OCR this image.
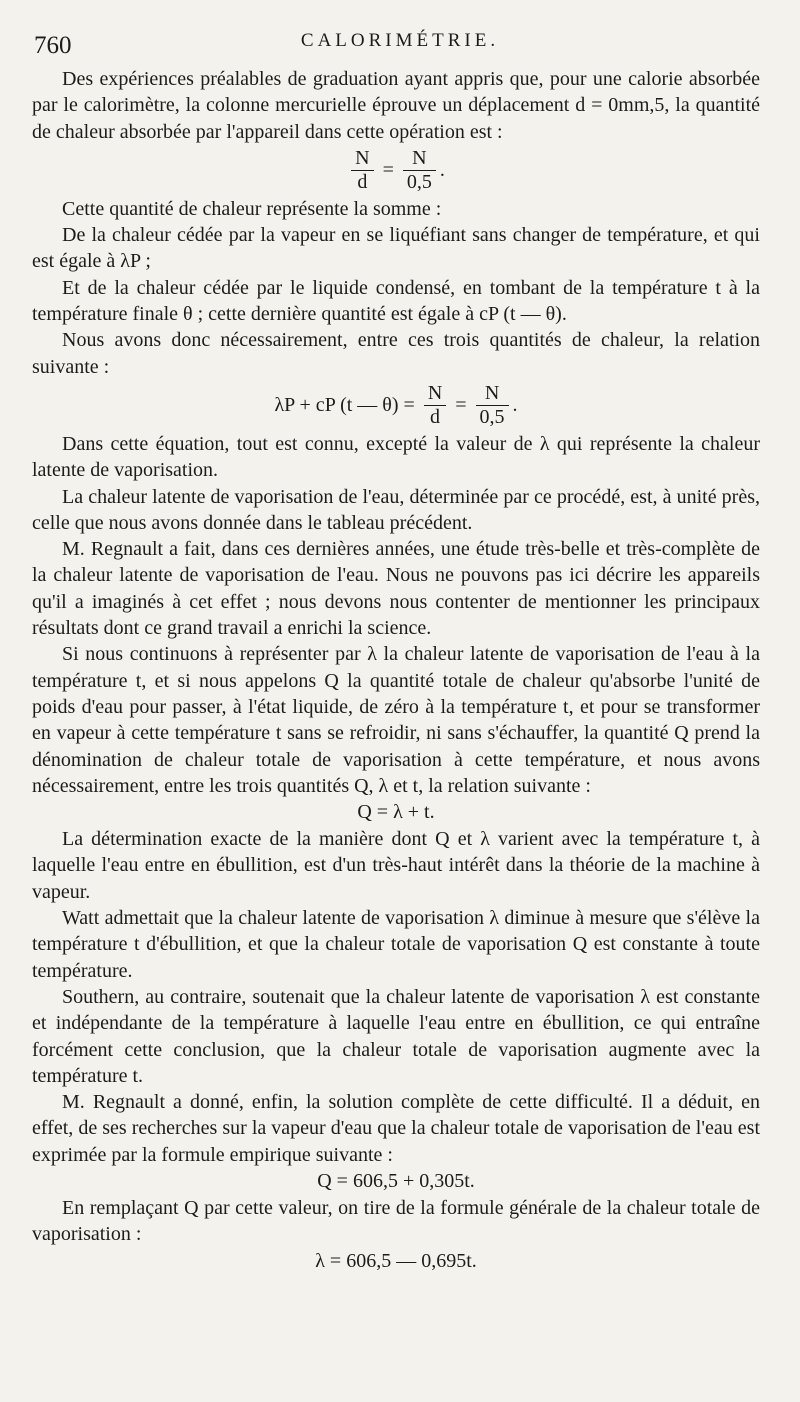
760	CALORIMÉTRIE.

Des expériences préalables de graduation ayant appris que, pour une calorie absorbée par le calorimètre, la colonne mercurielle éprouve un déplacement d = 0mm,5, la quantité de chaleur absorbée par l'appareil dans cette opération est :

$\frac{N}{d} = \frac{N}{0,5}$ .

Cette quantité de chaleur représente la somme :

De la chaleur cédée par la vapeur en se liquéfiant sans changer de température, et qui est égale à λP ;

Et de la chaleur cédée par le liquide condensé, en tombant de la température t à la température finale θ ; cette dernière quantité est égale à cP (t — θ).

Nous avons donc nécessairement, entre ces trois quantités de chaleur, la relation suivante :

λP + cP (t — $\theta) = \frac{N}{d} = \frac{N}{0,5}$ .

Dans cette équation, tout est connu, excepté la valeur de λ qui représente la chaleur latente de vaporisation.

La chaleur latente de vaporisation de l'eau, déterminée par ce procédé, est, à unité près, celle que nous avons donnée dans le tableau précédent.

M. Regnault a fait, dans ces dernières années, une étude très-belle et très-complète de la chaleur latente de vaporisation de l'eau. Nous ne pouvons pas ici décrire les appareils qu'il a imaginés à cet effet ; nous devons nous contenter de mentionner les principaux résultats dont ce grand travail a enrichi la science.

Si nous continuons à représenter par λ la chaleur latente de vaporisation de l'eau à la température t, et si nous appelons Q la quantité totale de chaleur qu'absorbe l'unité de poids d'eau pour passer, à l'état liquide, de zéro à la température t, et pour se transformer en vapeur à cette température t sans se refroidir, ni sans s'échauffer, la quantité Q prend la dénomination de chaleur totale de vaporisation à cette température, et nous avons nécessairement, entre les trois quantités Q, λ et t, la relation suivante :

Q = λ + t.

La détermination exacte de la manière dont Q et λ varient avec la température t, à laquelle l'eau entre en ébullition, est d'un très-haut intérêt dans la théorie de la machine à vapeur.

Watt admettait que la chaleur latente de vaporisation λ diminue à mesure que s'élève la température t d'ébullition, et que la chaleur totale de vaporisation Q est constante à toute température.

Southern, au contraire, soutenait que la chaleur latente de vaporisation λ est constante et indépendante de la température à laquelle l'eau entre en ébullition, ce qui entraîne forcément cette conclusion, que la chaleur totale de vaporisation augmente avec la température t.

M. Regnault a donné, enfin, la solution complète de cette difficulté. Il a déduit, en effet, de ses recherches sur la vapeur d'eau que la chaleur totale de vaporisation de l'eau est exprimée par la formule empirique suivante :

Q = 606,5 + 0,305t.

En remplaçant Q par cette valeur, on tire de la formule générale de la chaleur totale de vaporisation :

λ = 606,5 — 0,695t.
